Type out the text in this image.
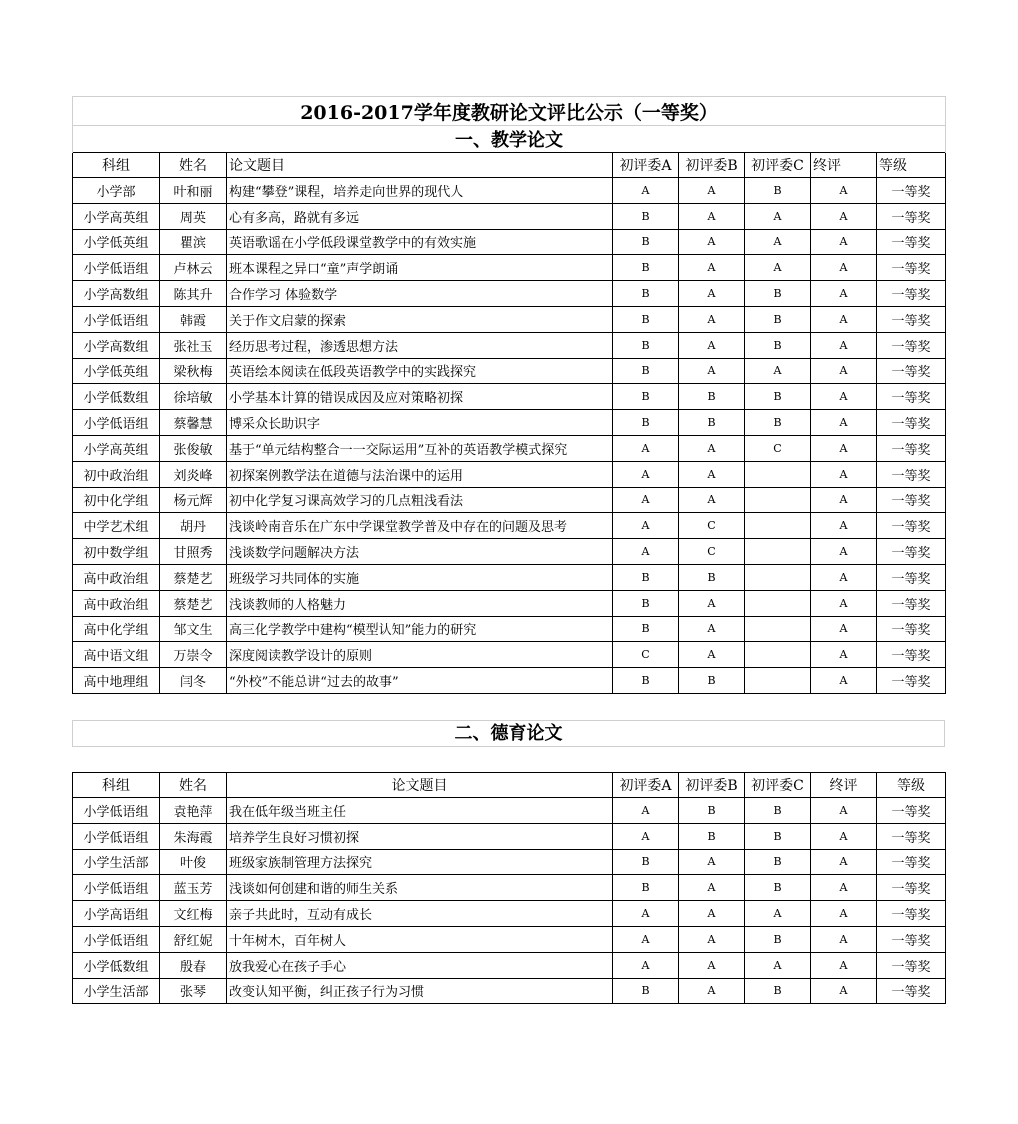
2016-2017学年度教研论文评比公示（一等奖）							
一、教学论文							
科组	姓名	论文题目	初评委A	初评委B	初评委C	终评	等级
小学部	叶和丽	构建“攀登”课程，培养走向世界的现代人	A	A	B	A	一等奖
小学高英组	周英	心有多高，路就有多远	B	A	A	A	一等奖
小学低英组	瞿滨	英语歌谣在小学低段课堂教学中的有效实施	B	A	A	A	一等奖
小学低语组	卢林云	班本课程之异口“童”声学朗诵	B	A	A	A	一等奖
小学高数组	陈其升	合作学习 体验数学	B	A	B	A	一等奖
小学低语组	韩霞	关于作文启蒙的探索	B	A	B	A	一等奖
小学高数组	张社玉	经历思考过程，渗透思想方法	B	A	B	A	一等奖
小学低英组	梁秋梅	英语绘本阅读在低段英语教学中的实践探究	B	A	A	A	一等奖
小学低数组	徐培敏	小学基本计算的错误成因及应对策略初探	B	B	B	A	一等奖
小学低语组	蔡馨慧	博采众长助识字	B	B	B	A	一等奖
小学高英组	张俊敏	基于“单元结构整合一一交际运用”互补的英语教学模式探究	A	A	C	A	一等奖
初中政治组	刘炎峰	初探案例教学法在道德与法治课中的运用	A	A		A	一等奖
初中化学组	杨元辉	初中化学复习课高效学习的几点粗浅看法	A	A		A	一等奖
中学艺术组	胡丹	浅谈岭南音乐在广东中学课堂教学普及中存在的问题及思考	A	C		A	一等奖
初中数学组	甘照秀	浅谈数学问题解决方法	A	C		A	一等奖
高中政治组	蔡楚艺	班级学习共同体的实施	B	B		A	一等奖
高中政治组	蔡楚艺	浅谈教师的人格魅力	B	A		A	一等奖
高中化学组	邹文生	高三化学教学中建构“模型认知”能力的研究	B	A		A	一等奖
高中语文组	万崇令	深度阅读教学设计的原则	C	A		A	一等奖
高中地理组	闫冬	“外校”不能总讲“过去的故事”	B	B		A	一等奖
二、德育论文
科组	姓名	论文题目	初评委A	初评委B	初评委C	终评	等级
小学低语组	袁艳萍	我在低年级当班主任	A	B	B	A	一等奖
小学低语组	朱海霞	培养学生良好习惯初探	A	B	B	A	一等奖
小学生活部	叶俊	班级家族制管理方法探究	B	A	B	A	一等奖
小学低语组	蓝玉芳	浅谈如何创建和谐的师生关系	B	A	B	A	一等奖
小学高语组	文红梅	亲子共此时，互动有成长	A	A	A	A	一等奖
小学低语组	舒红妮	十年树木，百年树人	A	A	B	A	一等奖
小学低数组	殷春	放我爱心在孩子手心	A	A	A	A	一等奖
小学生活部	张琴	改变认知平衡，纠正孩子行为习惯	B	A	B	A	一等奖
